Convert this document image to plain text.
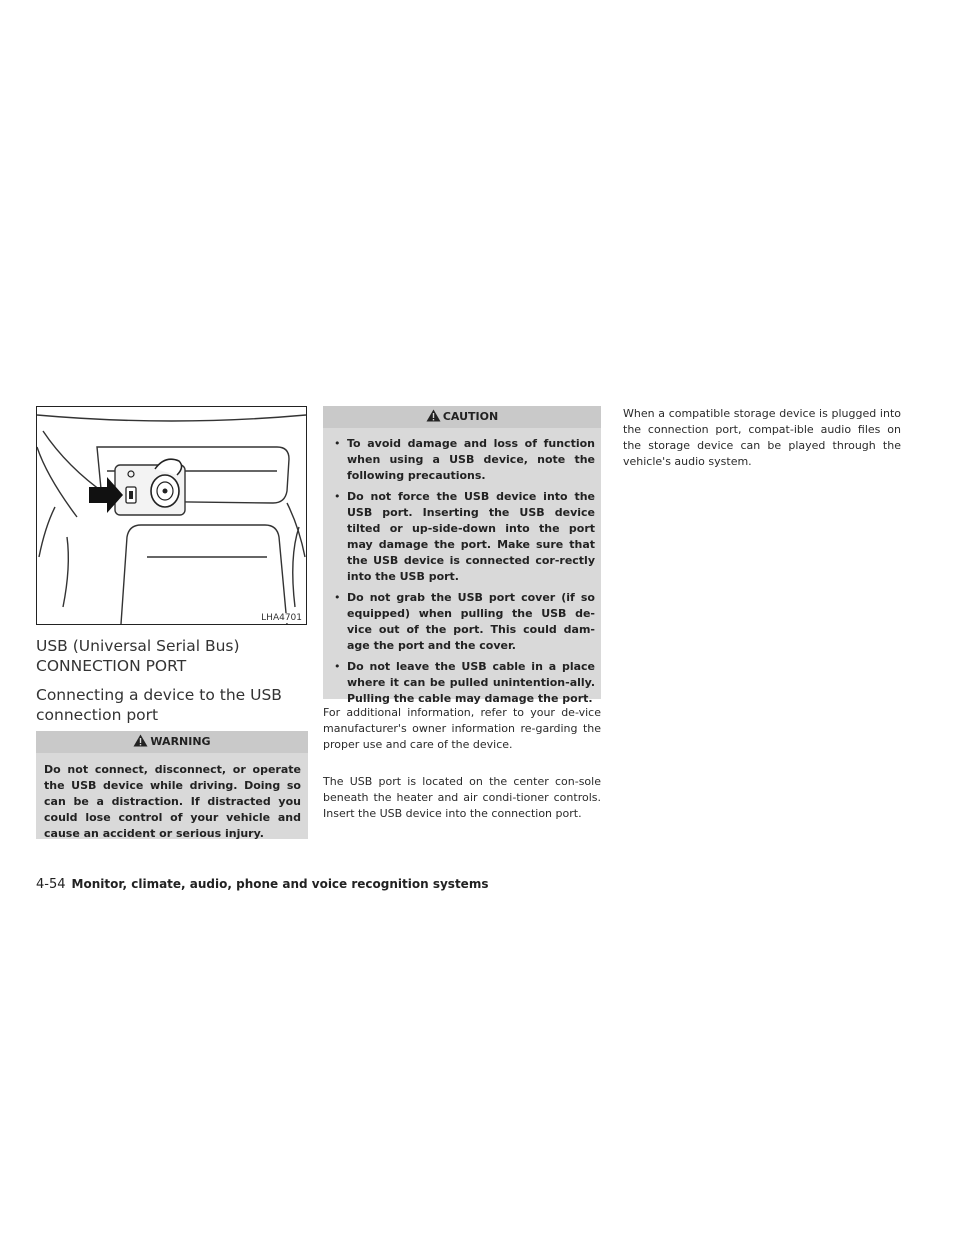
LHA4701
USB (Universal Serial Bus)
CONNECTION PORT
Connecting a device to the USB
connection port
WARNING
Do not connect, disconnect, or operate the USB device while driving. Doing so can be a distraction. If distracted you could lose control of your vehicle and cause an accident or serious injury.
CAUTION
• To avoid damage and loss of function when using a USB device, note the following precautions.
• Do not force the USB device into the USB port. Inserting the USB device tilted or up-side-down into the port may damage the port. Make sure that the USB device is connected cor-rectly into the USB port.
• Do not grab the USB port cover (if so equipped) when pulling the USB de-vice out of the port. This could dam-age the port and the cover.
• Do not leave the USB cable in a place where it can be pulled unintention-ally. Pulling the cable may damage the port.

For additional information, refer to your de-vice manufacturer's owner information re-garding the proper use and care of the device.

The USB port is located on the center con-sole beneath the heater and air condi-tioner controls. Insert the USB device into the connection port.

When a compatible storage device is plugged into the connection port, compat-ible audio files on the storage device can be played through the vehicle's audio system.

4-54 Monitor, climate, audio, phone and voice recognition systems
